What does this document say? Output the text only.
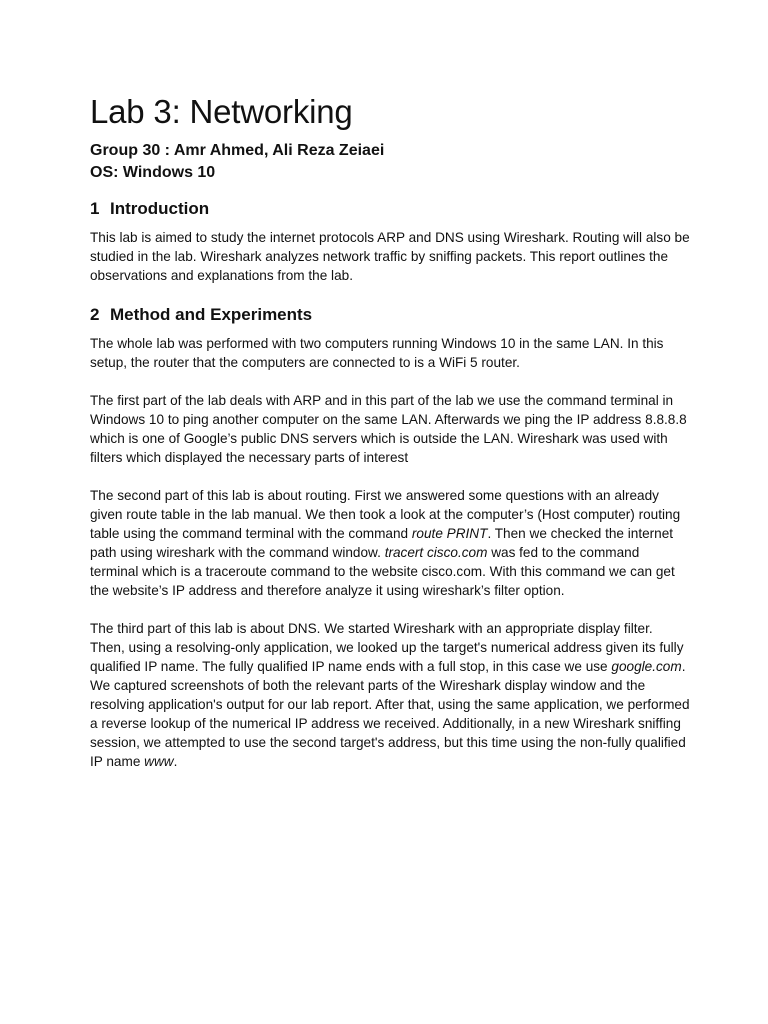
Lab 3: Networking

Group 30 : Amr Ahmed, Ali Reza Zeiaei

OS: Windows 10

1 Introduction

This lab is aimed to study the internet protocols ARP and DNS using Wireshark. Routing will also be studied in the lab. Wireshark analyzes network traffic by sniffing packets. This report outlines the observations and explanations from the lab.

2 Method and Experiments

The whole lab was performed with two computers running Windows 10 in the same LAN. In this setup, the router that the computers are connected to is a WiFi 5 router.

The first part of the lab deals with ARP and in this part of the lab we use the command terminal in Windows 10 to ping another computer on the same LAN. Afterwards we ping the IP address 8.8.8.8 which is one of Google’s public DNS servers which is outside the LAN. Wireshark was used with filters which displayed the necessary parts of interest

The second part of this lab is about routing. First we answered some questions with an already given route table in the lab manual. We then took a look at the computer’s (Host computer) routing table using the command terminal with the command route PRINT. Then we checked the internet path using wireshark with the command window. tracert cisco.com was fed to the command terminal which is a traceroute command to the website cisco.com. With this command we can get the website’s IP address and therefore analyze it using wireshark’s filter option.

The third part of this lab is about DNS. We started Wireshark with an appropriate display filter. Then, using a resolving-only application, we looked up the target's numerical address given its fully qualified IP name. The fully qualified IP name ends with a full stop, in this case we use google.com. We captured screenshots of both the relevant parts of the Wireshark display window and the resolving application's output for our lab report. After that, using the same application, we performed a reverse lookup of the numerical IP address we received. Additionally, in a new Wireshark sniffing session, we attempted to use the second target's address, but this time using the non-fully qualified IP name www.
